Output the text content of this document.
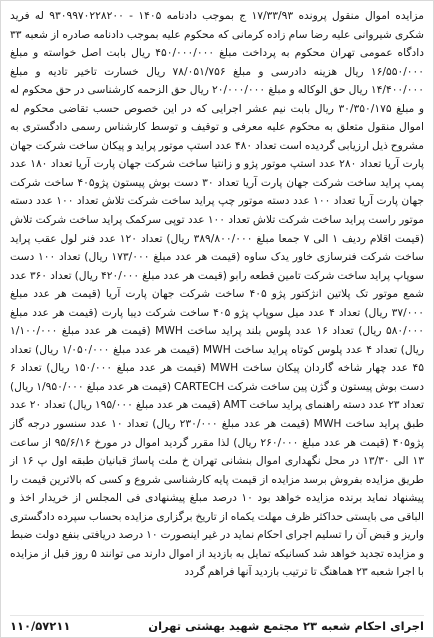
مزایده اموال منقول پرونده ۱۷/۳۳/۹۳ ج بموجب دادنامه ۱۴۰۵ - ۹۳۰۹۹۷۰۲۲۸۲۰۰ له فرید شکری شیروانی علیه رضا سام زاده کرمانی که محکوم علیه بموجب دادنامه صادره از شعبه ۳۳ دادگاه عمومی تهران محکوم به پرداخت مبلغ ۴۵۰/۰۰۰/۰۰۰ ریال بابت اصل خواسته و مبلغ ۱۶/۵۵۰/۰۰۰ ریال هزینه دادرسی و مبلغ ۷۸/۰۵۱/۷۵۶ ریال خسارت تاخیر تادیه و مبلغ ۱۴/۴۰۰/۰۰۰ ریال حق الوکاله و مبلغ ۲۰/۰۰۰/۰۰۰ ریال حق الزحمه کارشناسی در حق محکوم له و مبلغ ۳۰/۳۵۰/۱۷۵ ریال بابت نیم عشر اجرایی که در این خصوص حسب تقاضی محکوم له اموال منقول متعلق به محکوم علیه معرفی و توقیف و توسط کارشناس رسمی دادگستری به مشروح ذیل ارزیابی گردیده است تعداد ۴۸۰ عدد استپ موتور پراید و پیکان ساخت شرکت جهان پارت آریا تعداد ۲۸۰ عدد استپ موتور پژو و زانتیا ساخت شرکت جهان پارت آریا تعداد ۱۸۰ عدد پمپ پراید ساخت شرکت جهان پارت آریا تعداد ۳۰ دست بوش پیستون پژو۴۰۵ ساخت شرکت جهان پارت آریا تعداد ۱۰۰ عدد دسته موتور چپ پراید ساخت شرکت تلاش تعداد ۱۰۰ عدد دسته موتور راست پراید ساخت شرکت تلاش تعداد ۱۰۰ عدد توپی سرکمک پراید ساخت شرکت تلاش (قیمت اقلام ردیف ۱ الی ۷ جمعا مبلغ ۳۸۹/۸۰۰/۰۰۰ ریال) تعداد ۱۲۰ عدد فنر لول عقب پراید ساخت شرکت فنرسازی خاور یدک ساوه (قیمت هر عدد مبلغ ۱۷۳/۰۰۰ ریال) تعداد ۱۰۰ دست سوپاپ پراید ساخت شرکت تامین قطعه رابو (قیمت هر عدد مبلغ ۴۲۰/۰۰۰ ریال) تعداد ۳۶۰ عدد شمع موتور تک پلاتین انژکتور پژو ۴۰۵ ساخت شرکت جهان پارت آریا (قیمت هر عدد مبلغ ۳۷/۰۰۰ ریال) تعداد ۴ عدد میل سوپاپ پژو ۴۰۵ ساخت شرکت دیبا پارت (قیمت هر عدد مبلغ ۵۸۰/۰۰۰ ریال) تعداد ۱۶ عدد پلوس بلند پراید ساخت MWH (قیمت هر عدد مبلغ ۱/۱۰۰/۰۰۰ ریال) تعداد ۴ عدد پلوس کوتاه پراید ساخت MWH (قیمت هر عدد مبلغ ۱/۰۵۰/۰۰۰ ریال) تعداد ۴۵ عدد چهار شاخه گاردان پیکان ساخت MWH (قیمت هر عدد مبلغ ۱۵۰/۰۰۰ ریال) تعداد ۶ دست بوش پیستون و گژن پین ساخت شرکت CARTECH (قیمت هر عدد مبلغ ۱/۹۵۰/۰۰۰ ریال) تعداد ۲۳ عدد دسته راهنمای پراید ساخت AMT (قیمت هر عدد مبلغ ۱۹۵/۰۰۰ ریال) تعداد ۲۰ عدد طبق پراید ساخت MWH (قیمت هر عدد مبلغ ۲۳۰/۰۰۰ ریال) تعداد ۱۰ عدد سنسور درجه گاز پژو۴۰۵ (قیمت هر عدد مبلغ ۲۶۰/۰۰۰ ریال) لذا مقرر گردید اموال در مورخ ۹۵/۶/۱۶ از ساعت ۱۳ الی ۱۳/۳۰ در محل نگهداری اموال بنشانی تهران خ ملت پاساژ قبانیان طبقه اول پ ۱۶ از طریق مزایده بفروش برسد مزایده از قیمت پایه کارشناسی شروع و کسی که بالاترین قیمت را پیشنهاد نماید برنده مزایده خواهد بود ۱۰ درصد مبلغ پیشنهادی فی المجلس از خریدار اخذ و الباقی می بایستی حداکثر ظرف مهلت یکماه از تاریخ برگزاری مزایده بحساب سپرده دادگستری واریز و قبض آن را تسلیم اجرای احکام نماید در غیر اینصورت ۱۰ درصد دریافتی بنفع دولت ضبط و مزایده تجدید خواهد شد کسانیکه تمایل به بازدید از اموال دارند می توانند ۵ روز قبل از مزایده با اجرا شعبه ۲۳ هماهنگ تا ترتیب بازدید آنها فراهم گردد

اجرای احکام شعبه ۲۳ مجتمع شهید بهشتی تهران
۱۱۰/۵۷۲۱۱
